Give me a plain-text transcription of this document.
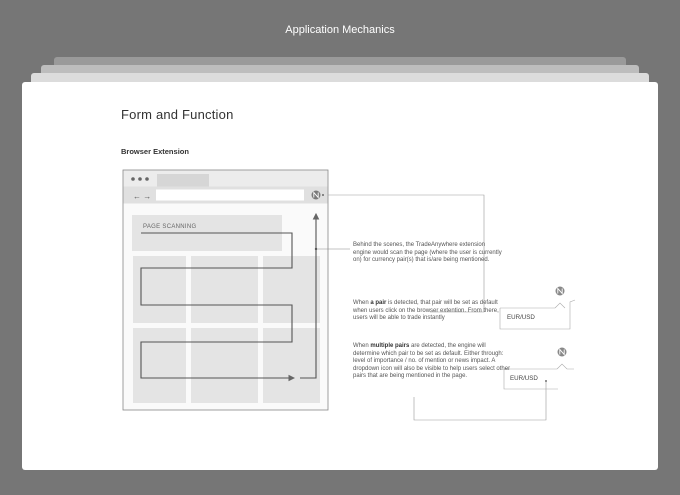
Application Mechanics
Form and Function
Browser Extension
← →
PAGE SCANNING
Behind the scenes, the TradeAnywhere extension engine would scan the page (where the user is currently on) for currency pair(s) that is/are being mentioned.
When a pair is detected, that pair will be set as default when users click on the browser extention. From there, users will be able to trade instantly
When multiple pairs are detected, the engine will determine which pair to be set as default. Either through: level of importance / no. of mention or news impact. A dropdown icon will also be visible to help users select other pairs that are being mentioned in the page.
EUR/USD
EUR/USD
